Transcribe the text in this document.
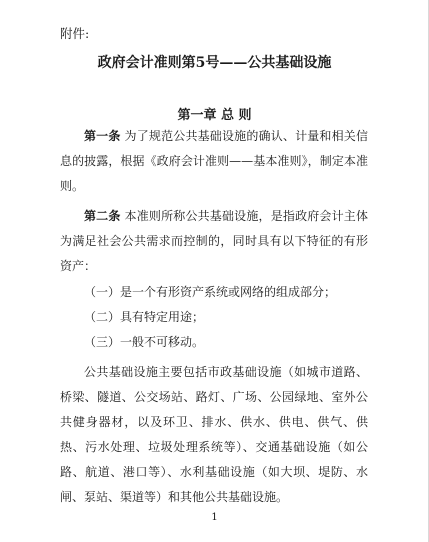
附件:
政府会计准则第5号——公共基础设施
第一章 总 则

第一条 为了规范公共基础设施的确认、计量和相关信息的披露，根据《政府会计准则——基本准则》，制定本准则。

第二条 本准则所称公共基础设施，是指政府会计主体为满足社会公共需求而控制的，同时具有以下特征的有形资产：

（一）是一个有形资产系统或网络的组成部分；

（二）具有特定用途；

（三）一般不可移动。

公共基础设施主要包括市政基础设施（如城市道路、桥梁、隧道、公交场站、路灯、广场、公园绿地、室外公共健身器材，以及环卫、排水、供水、供电、供气、供热、污水处理、垃圾处理系统等）、交通基础设施（如公路、航道、港口等）、水利基础设施（如大坝、堤防、水闸、泵站、渠道等）和其他公共基础设施。

1
